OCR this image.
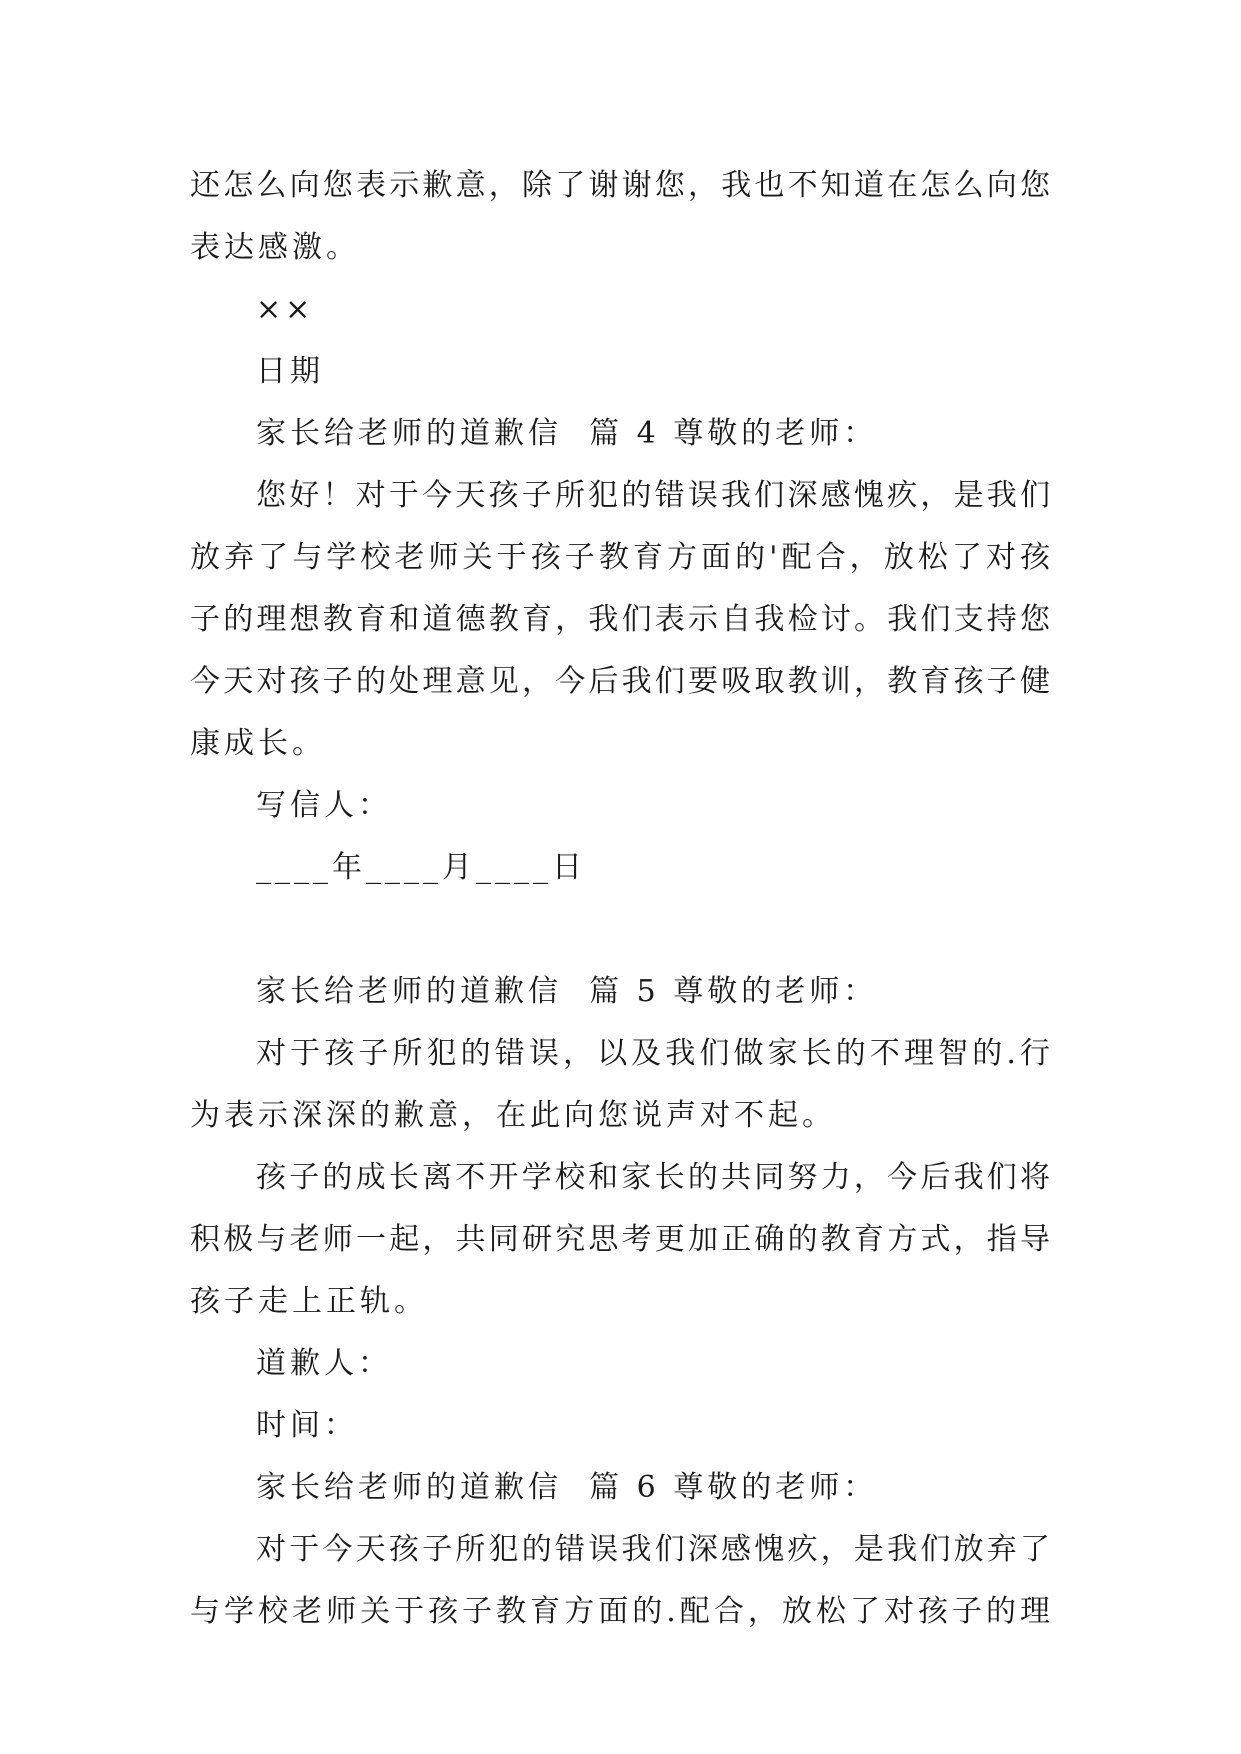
还怎么向您表示歉意，除了谢谢您，我也不知道在怎么向您
表达感激。
××
日期
家长给老师的道歉信  篇 4 尊敬的老师：
您好！对于今天孩子所犯的错误我们深感愧疚，是我们
放弃了与学校老师关于孩子教育方面的'配合，放松了对孩
子的理想教育和道德教育，我们表示自我检讨。我们支持您
今天对孩子的处理意见，今后我们要吸取教训，教育孩子健
康成长。
写信人：
____年____月____日
家长给老师的道歉信  篇 5 尊敬的老师：
对于孩子所犯的错误，以及我们做家长的不理智的.行
为表示深深的歉意，在此向您说声对不起。
孩子的成长离不开学校和家长的共同努力，今后我们将
积极与老师一起，共同研究思考更加正确的教育方式，指导
孩子走上正轨。
道歉人：
时间：
家长给老师的道歉信  篇 6 尊敬的老师：
对于今天孩子所犯的错误我们深感愧疚，是我们放弃了
与学校老师关于孩子教育方面的.配合，放松了对孩子的理
